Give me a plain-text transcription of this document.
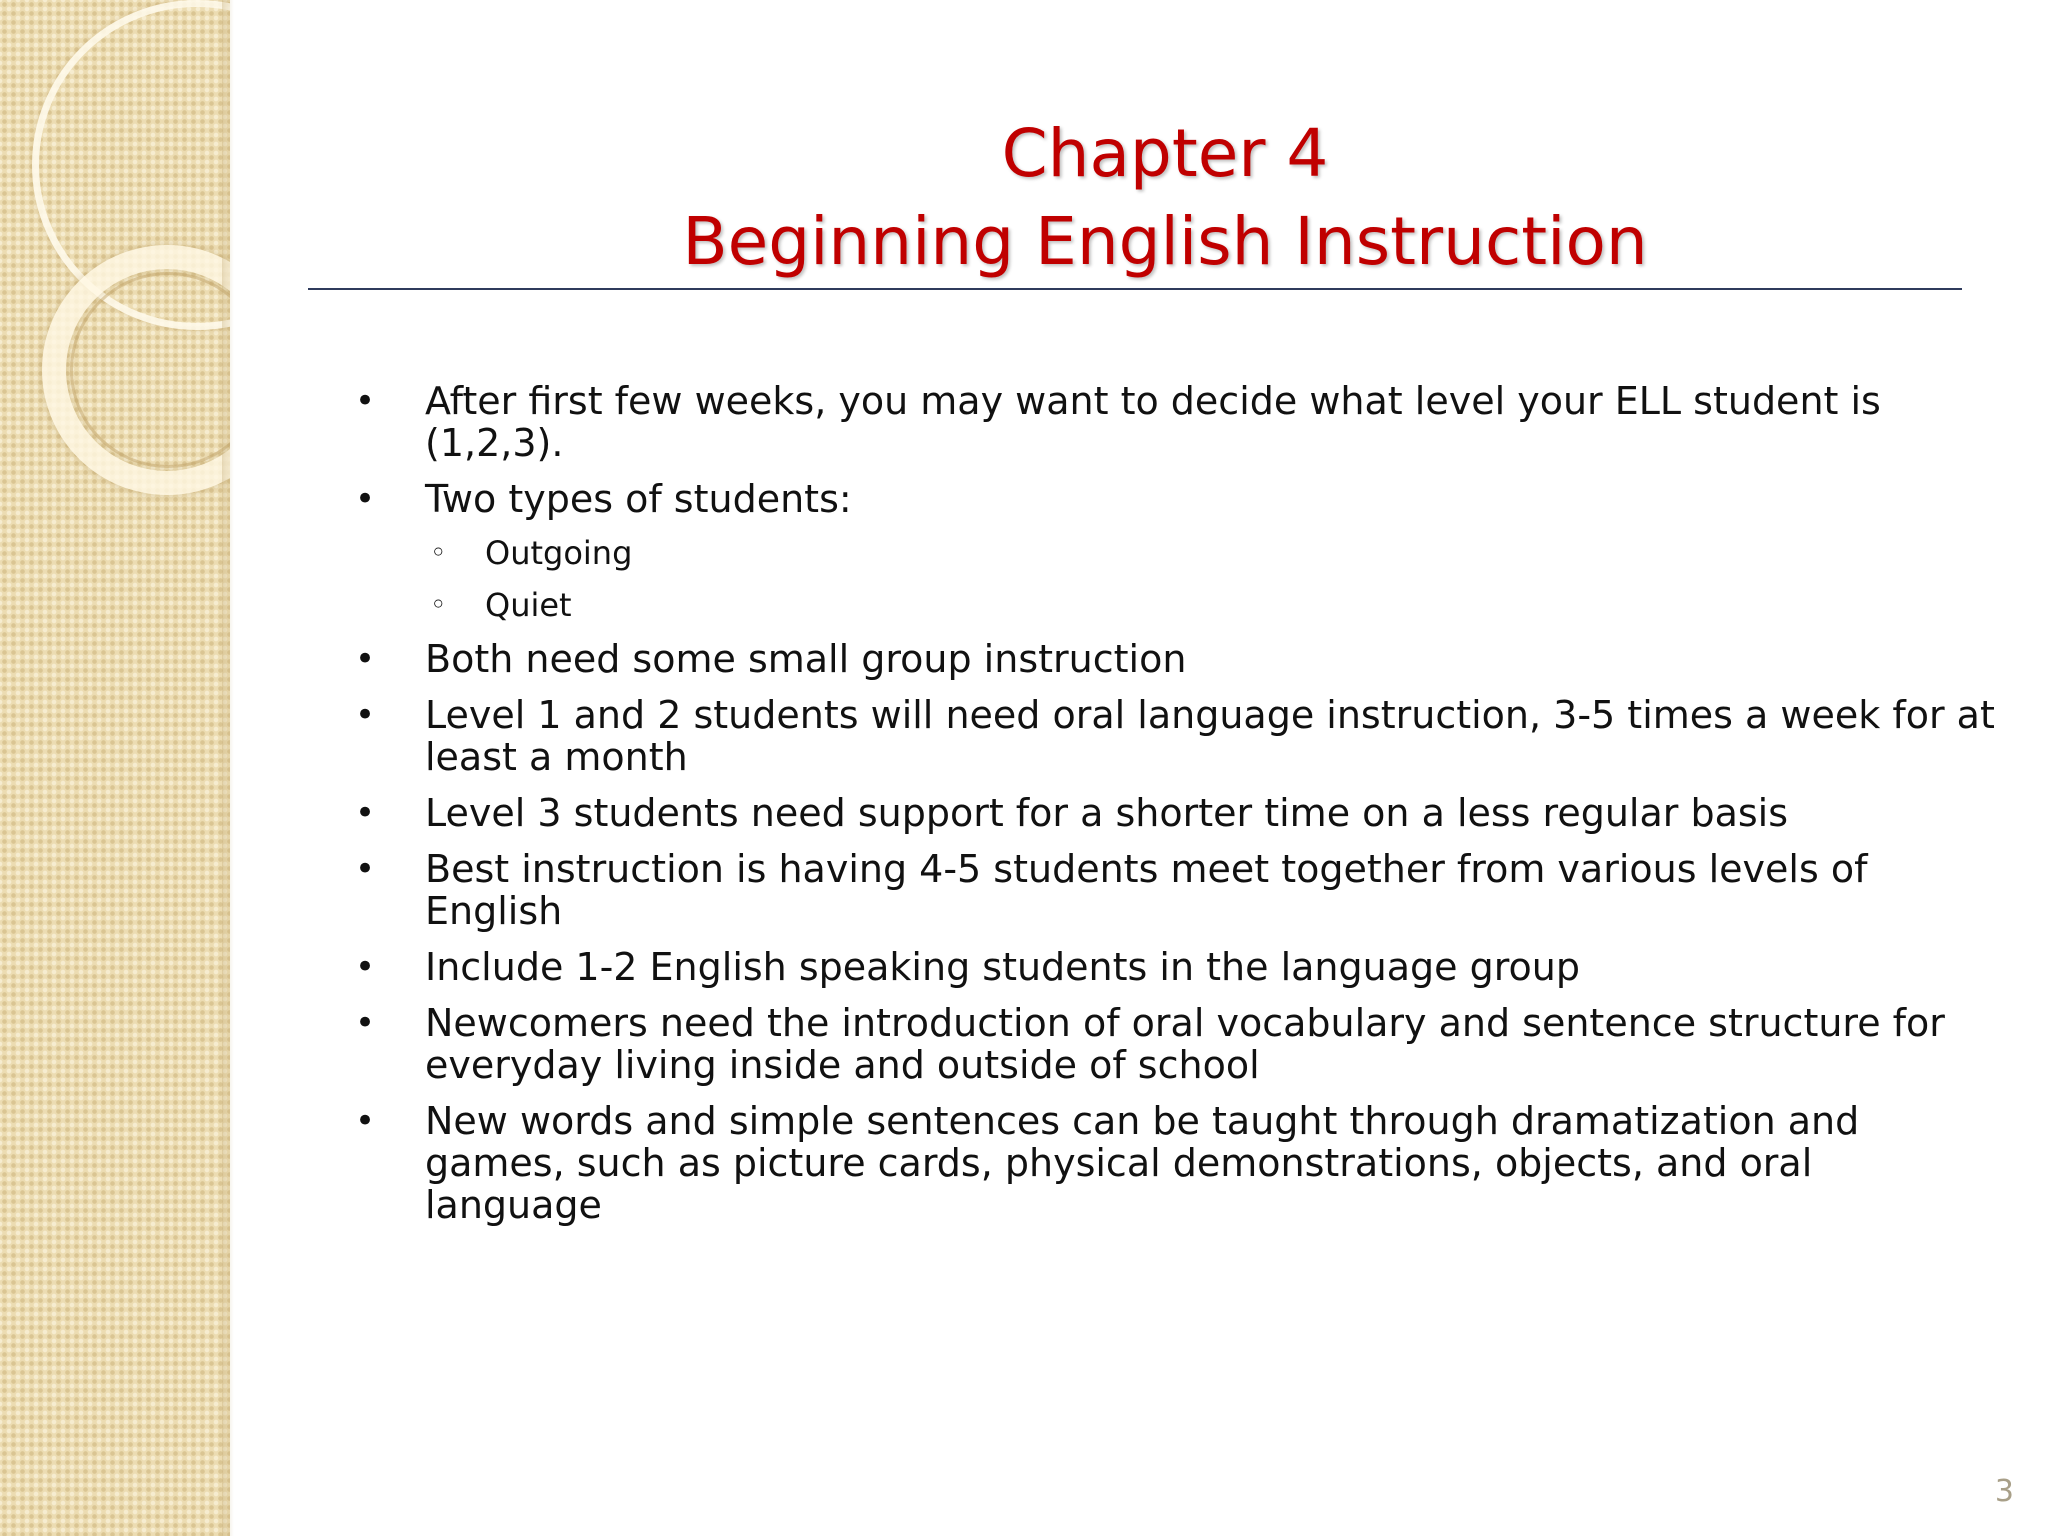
Chapter 4
Beginning English Instruction
• After first few weeks, you may want to decide what level your ELL student is (1,2,3).
• Two types of students:
◦ Outgoing
◦ Quiet
• Both need some small group instruction
• Level 1 and 2 students will need oral language instruction, 3-5 times a week for at least a month
• Level 3 students need support for a shorter time on a less regular basis
• Best instruction is having 4-5 students meet together from various levels of English
• Include 1-2 English speaking students in the language group
• Newcomers need the introduction of oral vocabulary and sentence structure for everyday living inside and outside of school
• New words and simple sentences can be taught through dramatization and games, such as picture cards, physical demonstrations, objects, and oral language
3
